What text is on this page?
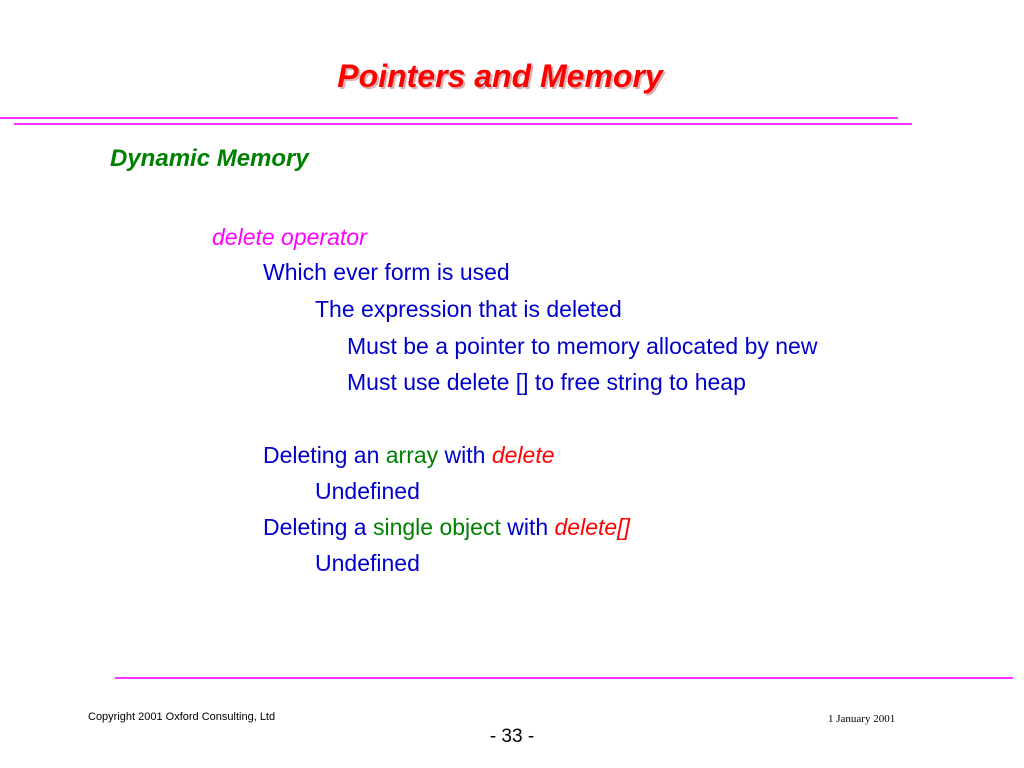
Pointers and Memory
Dynamic Memory
delete operator
Which ever form is used
The expression that is deleted
Must be a pointer to memory allocated by new
Must use delete [] to free string to heap
Deleting an array with delete
Undefined
Deleting a single object with delete[]
Undefined
Copyright 2001 Oxford Consulting, Ltd	1 January 2001
- 33 -
